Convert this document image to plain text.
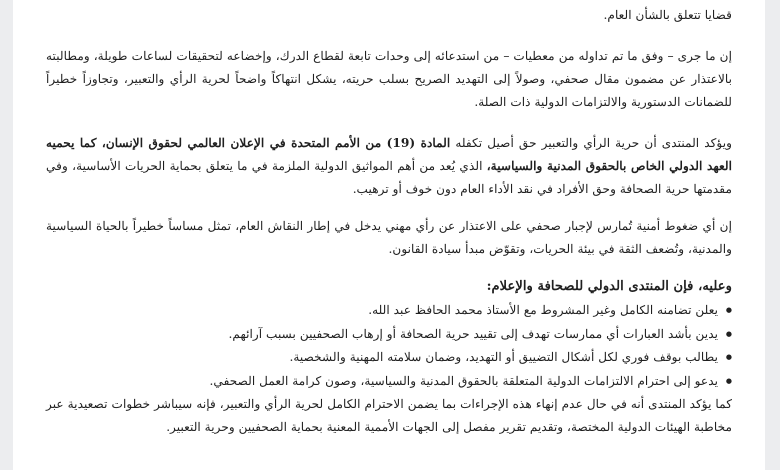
قضايا تتعلق بالشأن العام.

إن ما جرى – وفق ما تم تداوله من معطيات – من استدعائه إلى وحدات تابعة لقطاع الدرك، وإخضاعه لتحقيقات لساعات طويلة، ومطالبته بالاعتذار عن مضمون مقال صحفي، وصولاً إلى التهديد الصريح بسلب حريته، يشكل انتهاكاً واضحاً لحرية الرأي والتعبير، وتجاوزاً خطيراً للضمانات الدستورية والالتزامات الدولية ذات الصلة.

ويؤكد المنتدى أن حرية الرأي والتعبير حق أصيل تكفله المادة (19) من الأمم المتحدة في الإعلان العالمي لحقوق الإنسان، كما يحميه العهد الدولي الخاص بالحقوق المدنية والسياسية، الذي يُعد من أهم المواثيق الدولية الملزمة في ما يتعلق بحماية الحريات الأساسية، وفي مقدمتها حرية الصحافة وحق الأفراد في نقد الأداء العام دون خوف أو ترهيب.

إن أي ضغوط أمنية تُمارس لإجبار صحفي على الاعتذار عن رأي مهني يدخل في إطار النقاش العام، تمثل مساساً خطيراً بالحياة السياسية والمدنية، وتُضعف الثقة في بيئة الحريات، وتقوّض مبدأ سيادة القانون.

وعليه، فإن المنتدى الدولي للصحافة والإعلام:

● يعلن تضامنه الكامل وغير المشروط مع الأستاذ محمد الحافظ عبد الله.
● يدين بأشد العبارات أي ممارسات تهدف إلى تقييد حرية الصحافة أو إرهاب الصحفيين بسبب آرائهم.
● يطالب بوقف فوري لكل أشكال التضييق أو التهديد، وضمان سلامته المهنية والشخصية.
● يدعو إلى احترام الالتزامات الدولية المتعلقة بالحقوق المدنية والسياسية، وصون كرامة العمل الصحفي.

كما يؤكد المنتدى أنه في حال عدم إنهاء هذه الإجراءات بما يضمن الاحترام الكامل لحرية الرأي والتعبير، فإنه سيباشر خطوات تصعيدية عبر مخاطبة الهيئات الدولية المختصة، وتقديم تقرير مفصل إلى الجهات الأممية المعنية بحماية الصحفيين وحرية التعبير.
